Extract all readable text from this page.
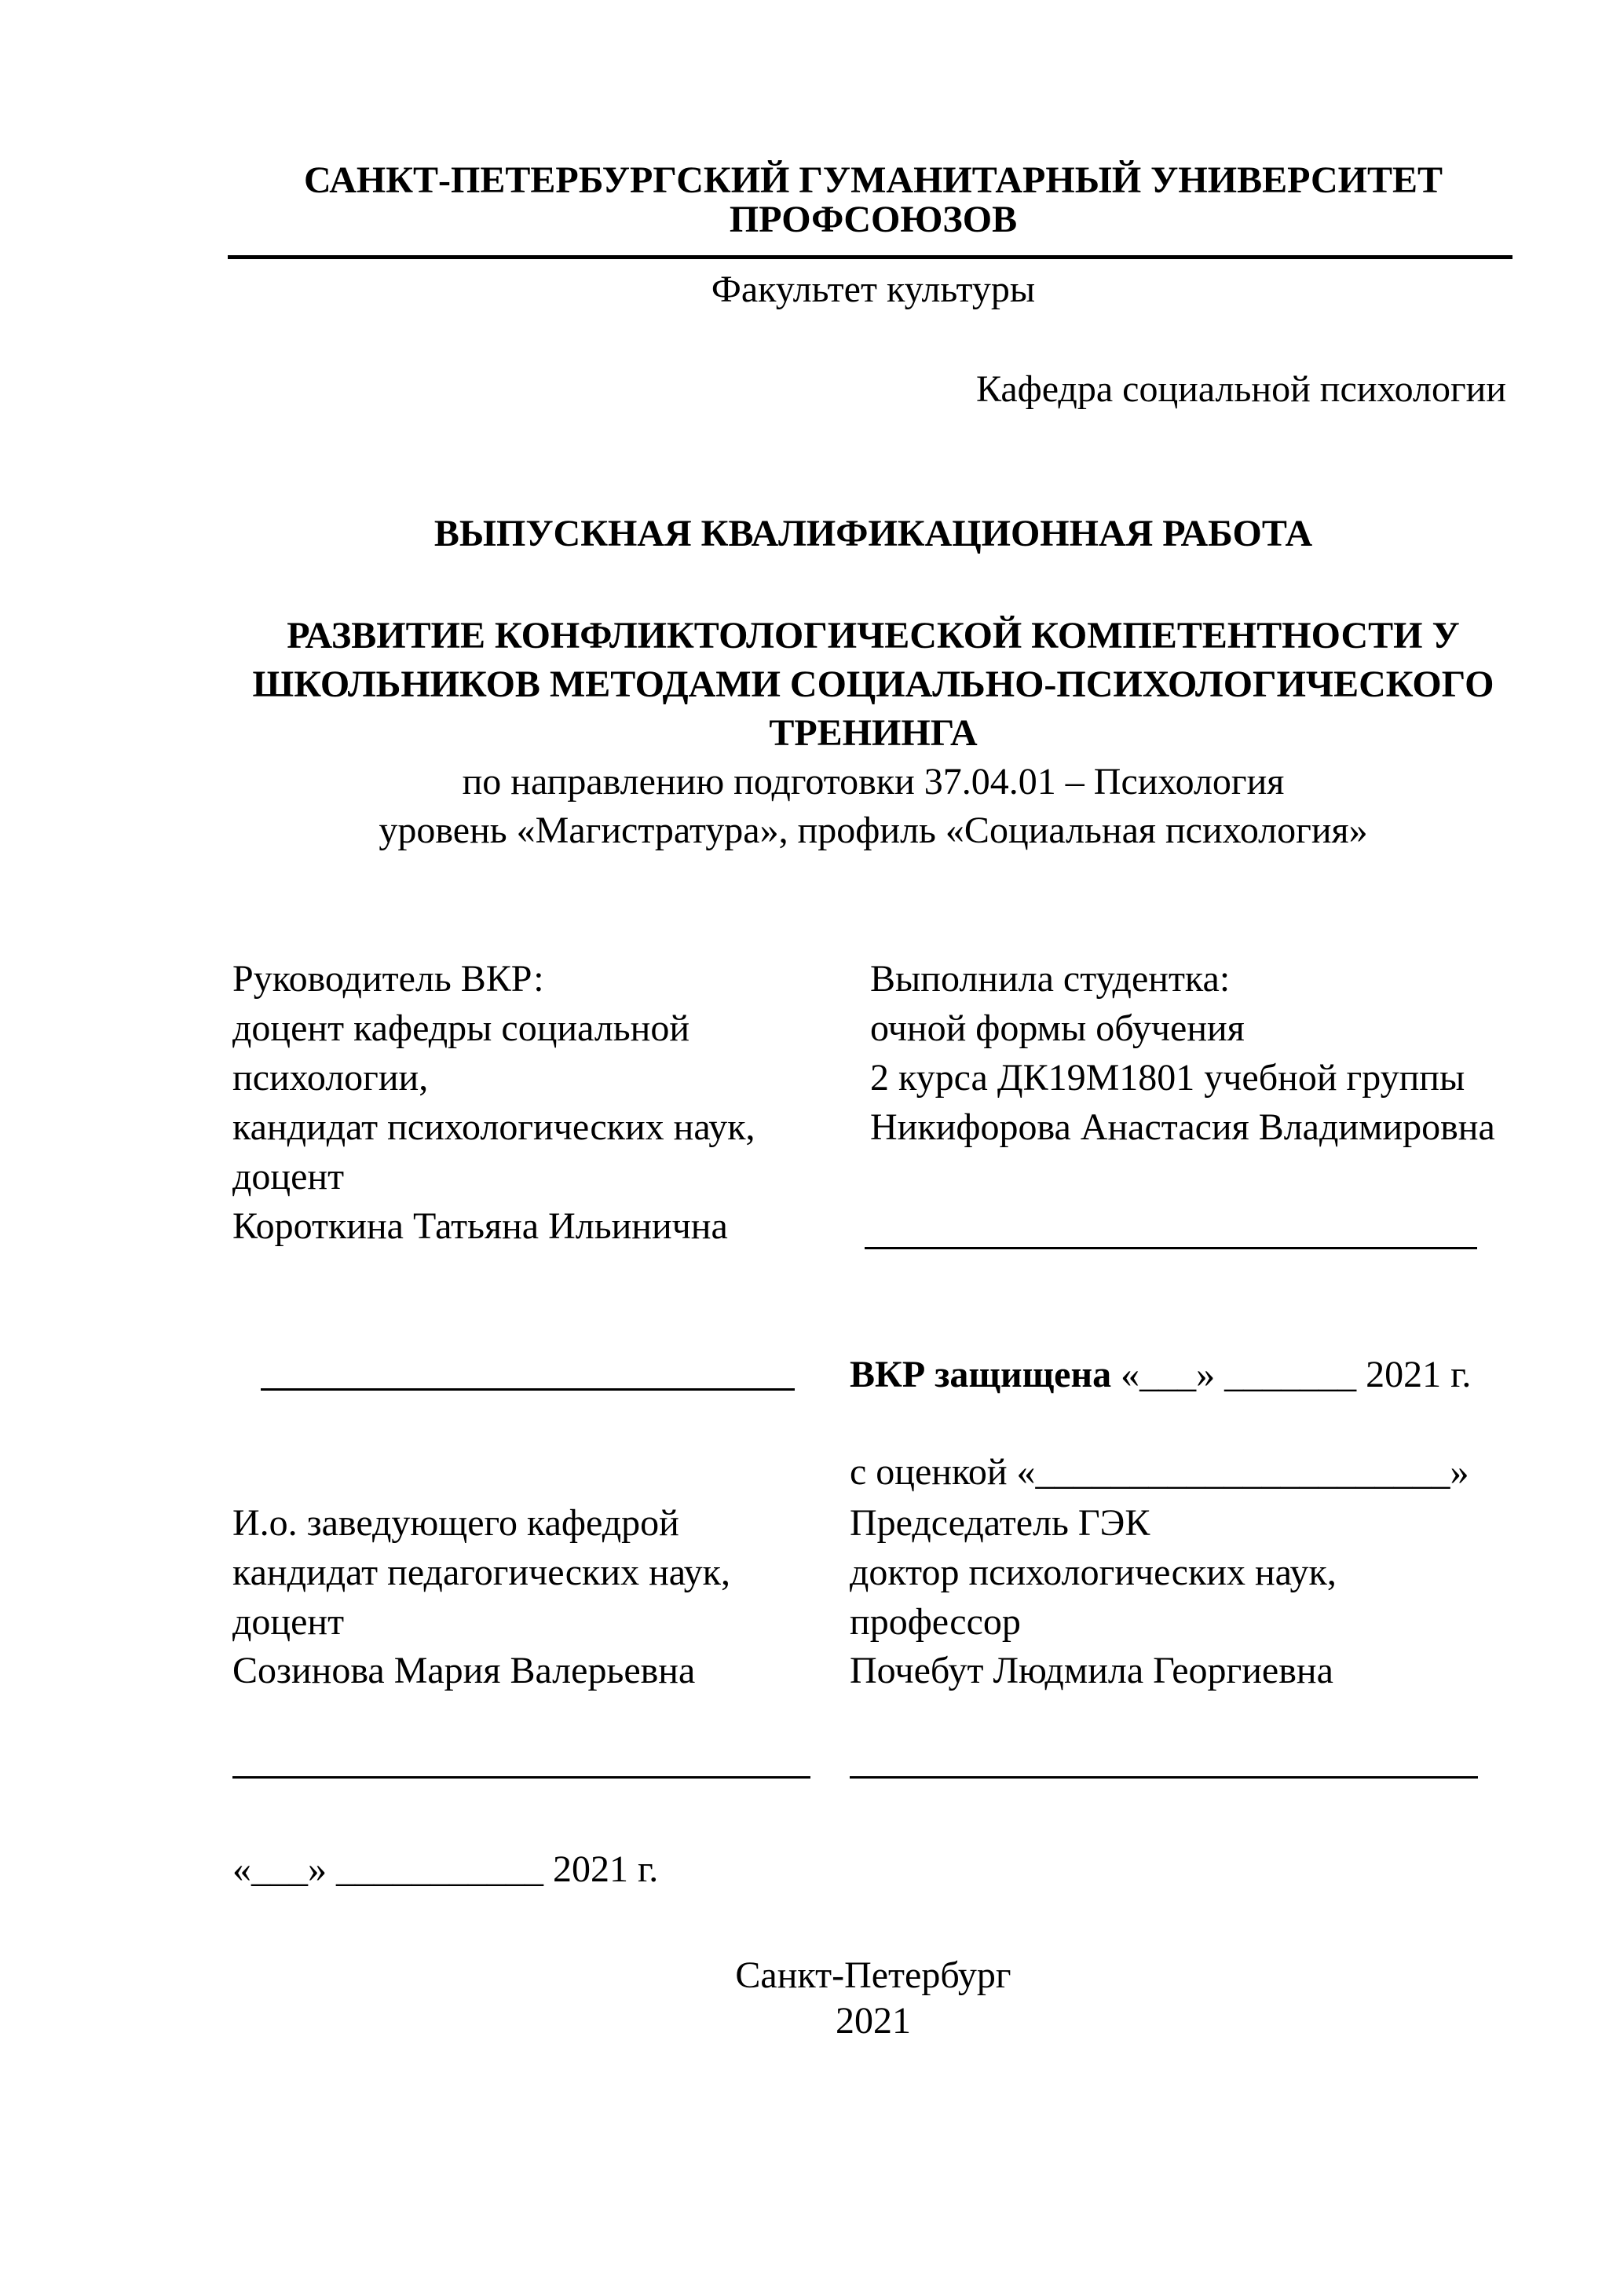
САНКТ-ПЕТЕРБУРГСКИЙ ГУМАНИТАРНЫЙ УНИВЕРСИТЕТ
ПРОФСОЮЗОВ
Факультет культуры
Кафедра социальной психологии
ВЫПУСКНАЯ КВАЛИФИКАЦИОННАЯ РАБОТА
РАЗВИТИЕ КОНФЛИКТОЛОГИЧЕСКОЙ КОМПЕТЕНТНОСТИ У
ШКОЛЬНИКОВ МЕТОДАМИ СОЦИАЛЬНО-ПСИХОЛОГИЧЕСКОГО
ТРЕНИНГА
по направлению подготовки 37.04.01 – Психология
уровень «Магистратура», профиль «Социальная психология»
Руководитель ВКР:
доцент кафедры социальной
психологии,
кандидат психологических наук,
доцент
Короткина Татьяна Ильинична
Выполнила студентка:
очной формы обучения
2 курса ДК19М1801 учебной группы
Никифорова Анастасия Владимировна
ВКР защищена «___» _______ 2021 г.
с оценкой «______________________»
И.о. заведующего кафедрой
кандидат педагогических наук,
доцент
Созинова Мария Валерьевна
Председатель ГЭК
доктор психологических наук,
профессор
Почебут Людмила Георгиевна
«___» ___________ 2021 г.
Санкт-Петербург
2021
